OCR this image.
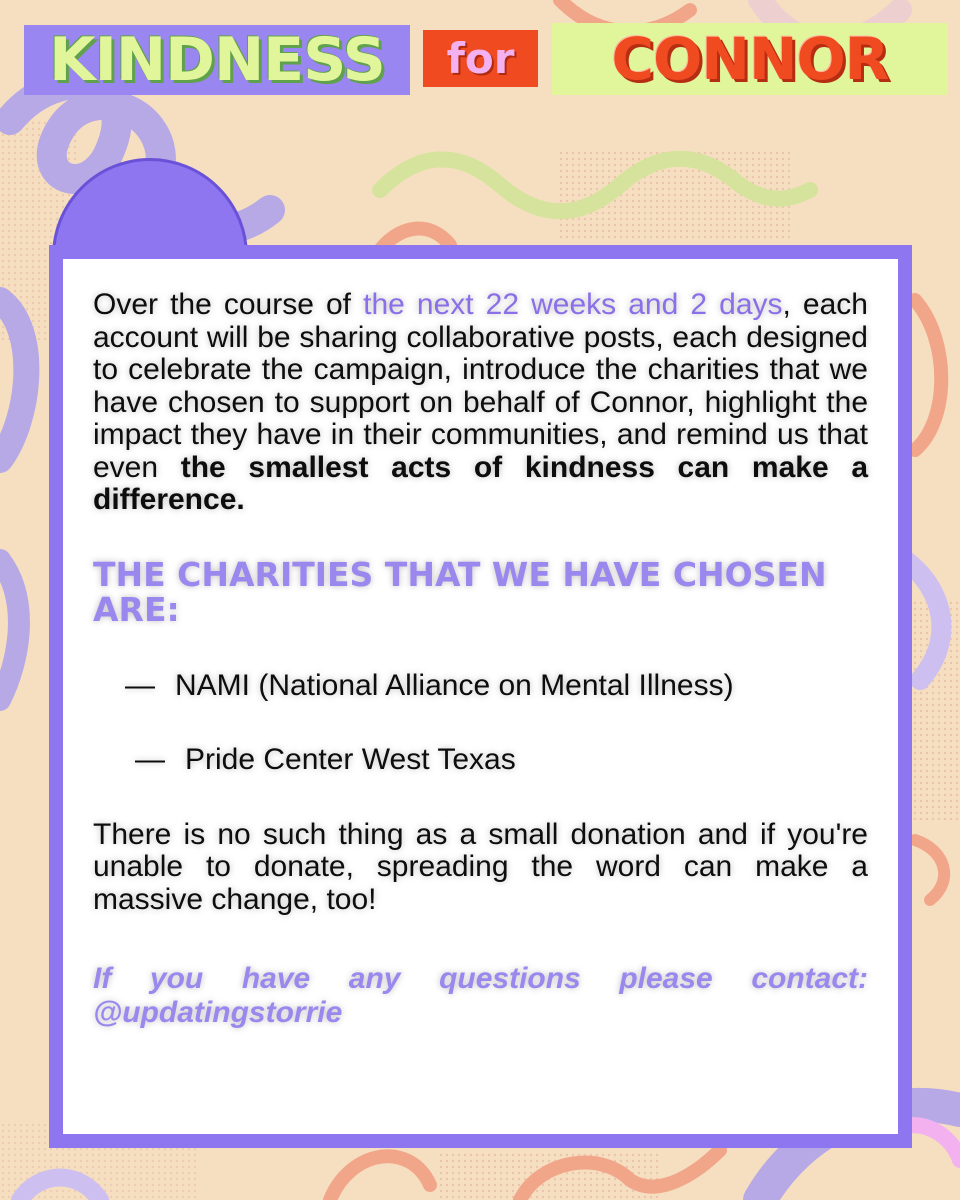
KINDNESS	for	CONNOR

Over the course of the next 22 weeks and 2 days, each account will be sharing collaborative posts, each designed to celebrate the campaign, introduce the charities that we have chosen to support on behalf of Connor, highlight the impact they have in their communities, and remind us that even the smallest acts of kindness can make a difference.

THE CHARITIES THAT WE HAVE CHOSEN ARE:

— NAMI (National Alliance on Mental Illness)

— Pride Center West Texas

There is no such thing as a small donation and if you're unable to donate, spreading the word can make a massive change, too!

If you have any questions please contact: @updatingstorrie
